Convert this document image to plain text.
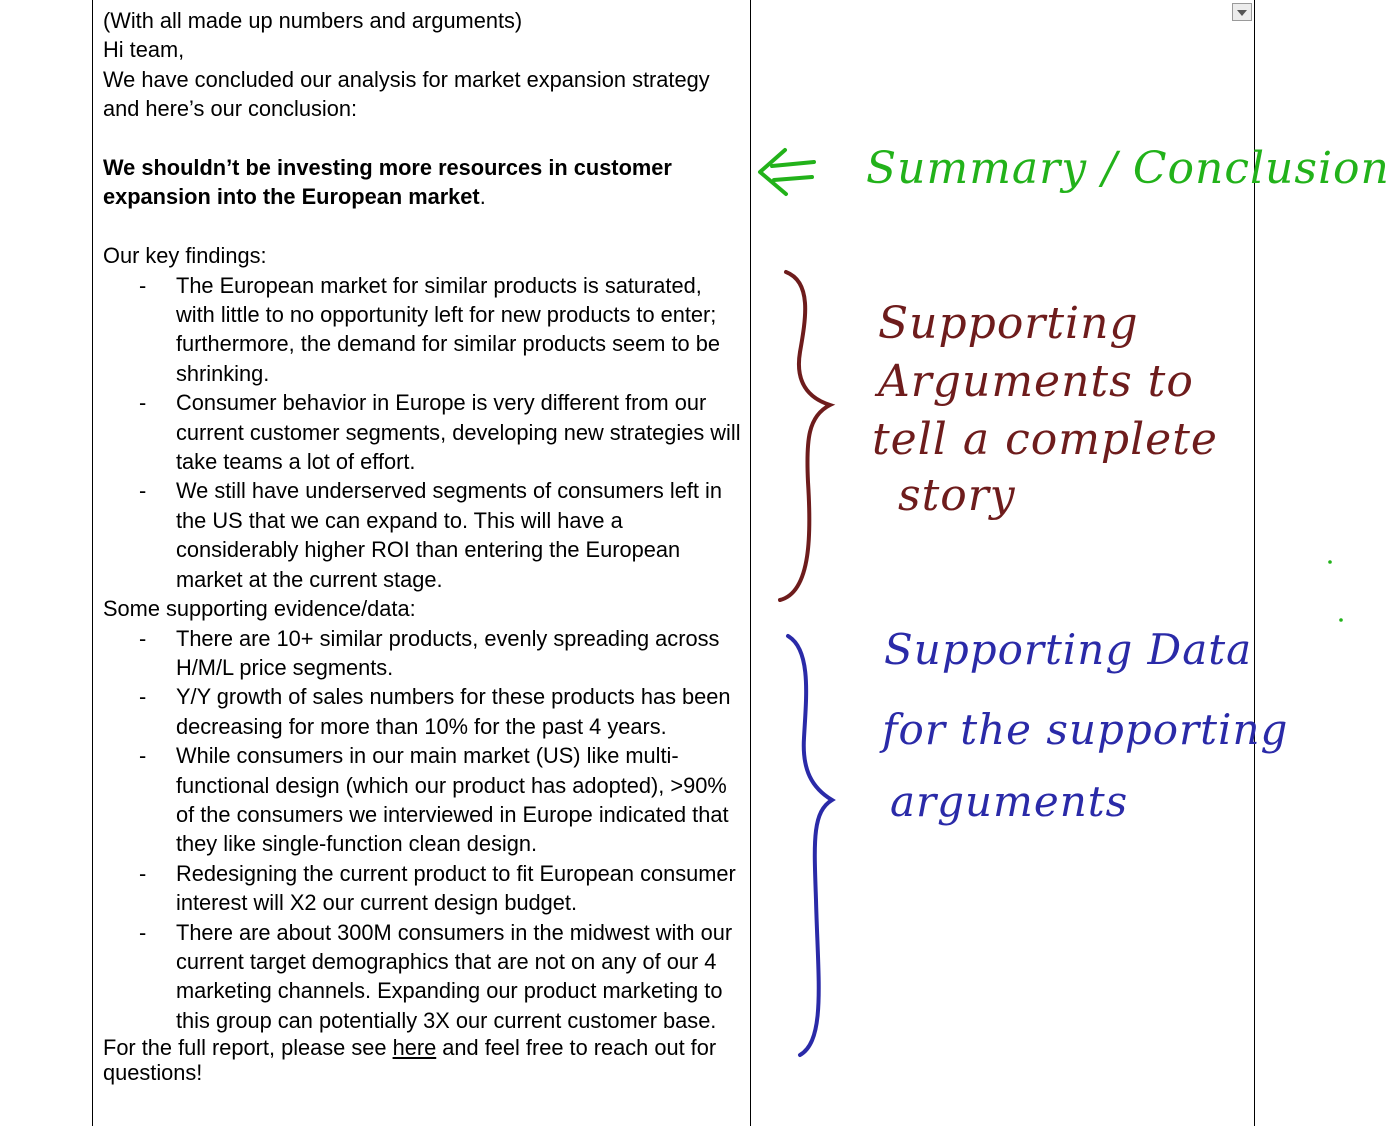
(With all made up numbers and arguments)

Hi team,

We have concluded our analysis for market expansion strategy and here’s our conclusion:

We shouldn’t be investing more resources in customer expansion into the European market.

Our key findings:

- The European market for similar products is saturated, with little to no opportunity left for new products to enter; furthermore, the demand for similar products seem to be shrinking.
- Consumer behavior in Europe is very different from our current customer segments, developing new strategies will take teams a lot of effort.
- We still have underserved segments of consumers left in the US that we can expand to. This will have a considerably higher ROI than entering the European market at the current stage.

Some supporting evidence/data:

- There are 10+ similar products, evenly spreading across H/M/L price segments.
- Y/Y growth of sales numbers for these products has been decreasing for more than 10% for the past 4 years.
- While consumers in our main market (US) like multi-functional design (which our product has adopted), >90% of the consumers we interviewed in Europe indicated that they like single-function clean design.
- Redesigning the current product to fit European consumer interest will X2 our current design budget.
- There are about 300M consumers in the midwest with our current target demographics that are not on any of our 4 marketing channels. Expanding our product marketing to this group can potentially 3X our current customer base.

For the full report, please see here and feel free to reach out for questions!

Summary / Conclusion
Supporting
Arguments to
tell a complete
story
Supporting Data
for the supporting
arguments
